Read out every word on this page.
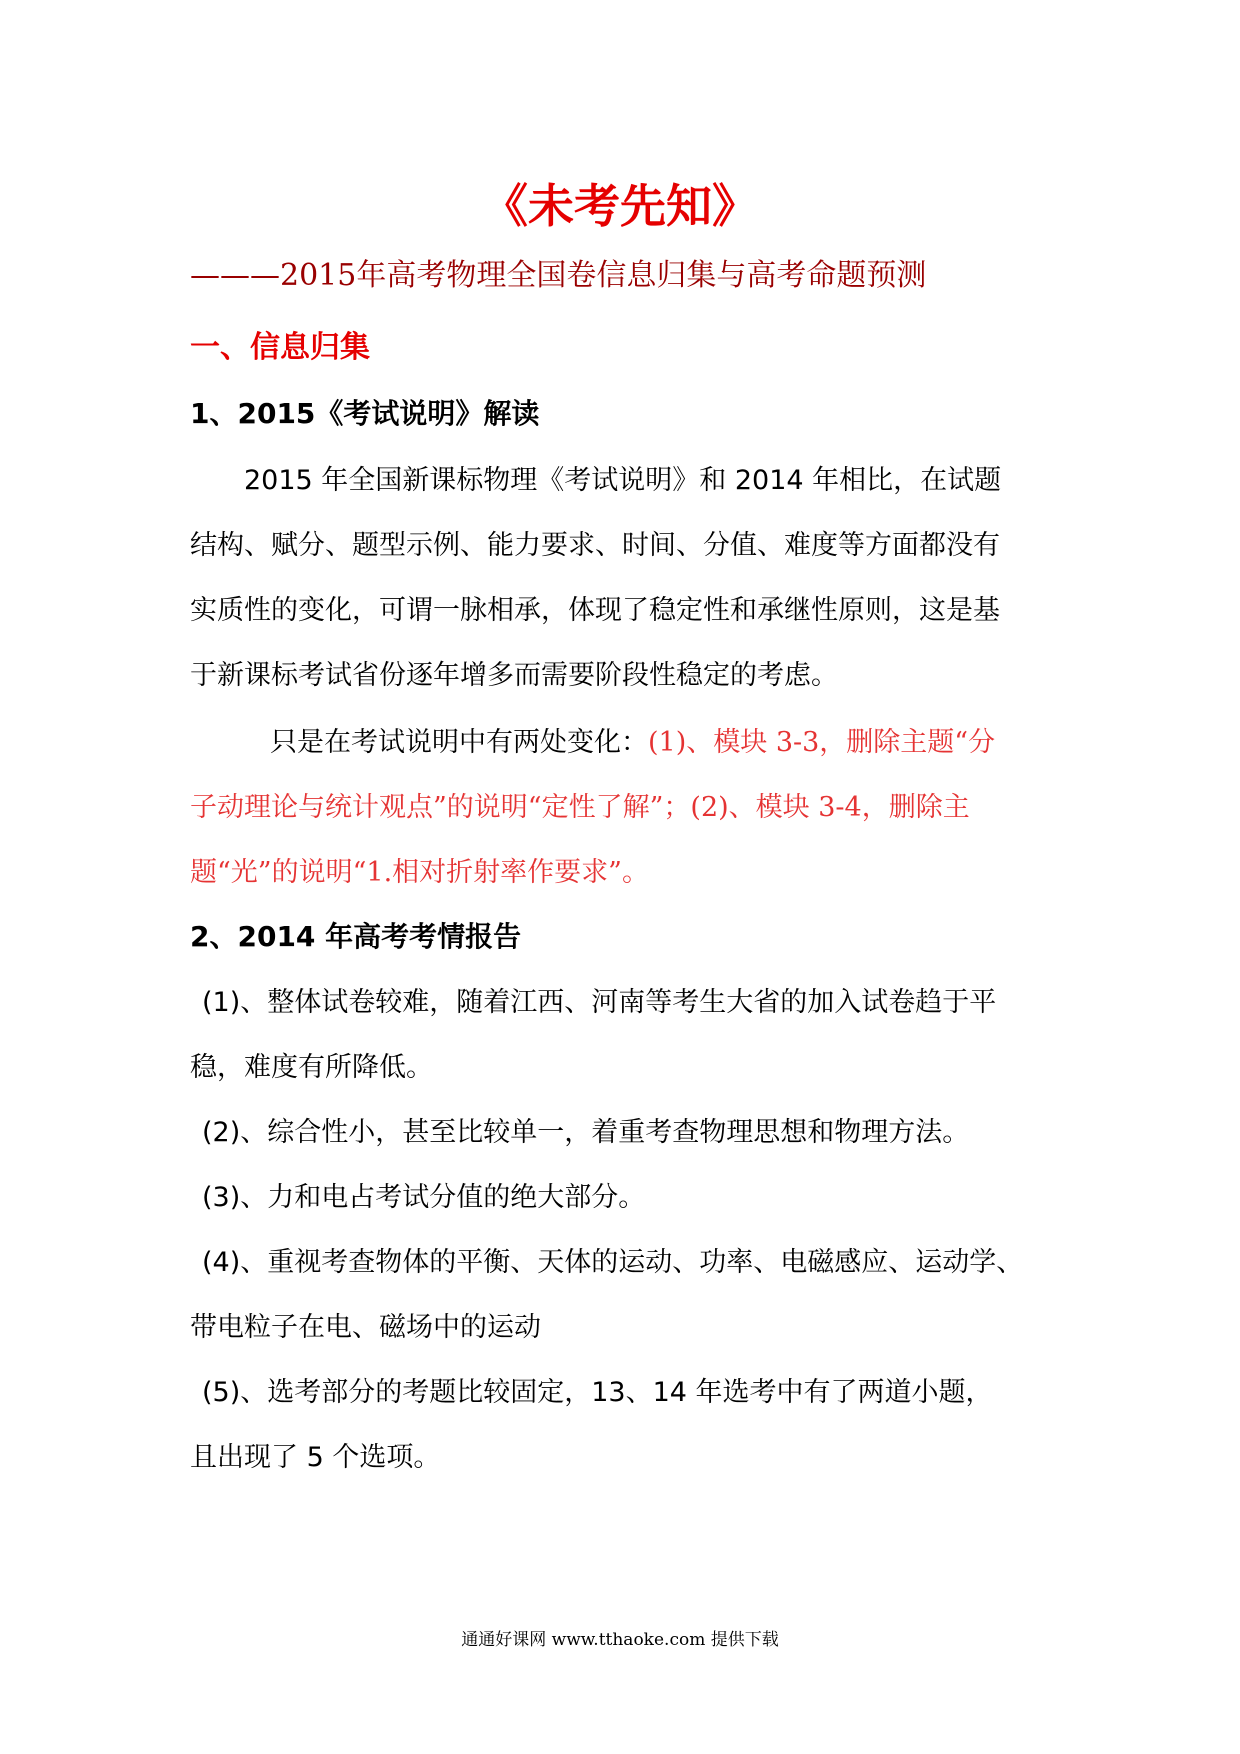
《未考先知》
———2015年高考物理全国卷信息归集与高考命题预测
一、信息归集
1、2015《考试说明》解读
2015 年全国新课标物理《考试说明》和 2014 年相比，在试题
结构、赋分、题型示例、能力要求、时间、分值、难度等方面都没有
实质性的变化，可谓一脉相承，体现了稳定性和承继性原则，这是基
于新课标考试省份逐年增多而需要阶段性稳定的考虑。
只是在考试说明中有两处变化：(1)、模块 3-3，删除主题“分
子动理论与统计观点”的说明“定性了解”；(2)、模块 3-4，删除主
题“光”的说明“1.相对折射率作要求”。
2、2014 年高考考情报告
(1)、整体试卷较难，随着江西、河南等考生大省的加入试卷趋于平
稳，难度有所降低。
(2)、综合性小，甚至比较单一，着重考查物理思想和物理方法。
(3)、力和电占考试分值的绝大部分。
(4)、重视考查物体的平衡、天体的运动、功率、电磁感应、运动学、
带电粒子在电、磁场中的运动
(5)、选考部分的考题比较固定，13、14 年选考中有了两道小题，
且出现了 5 个选项。
通通好课网 www.tthaoke.com 提供下载
